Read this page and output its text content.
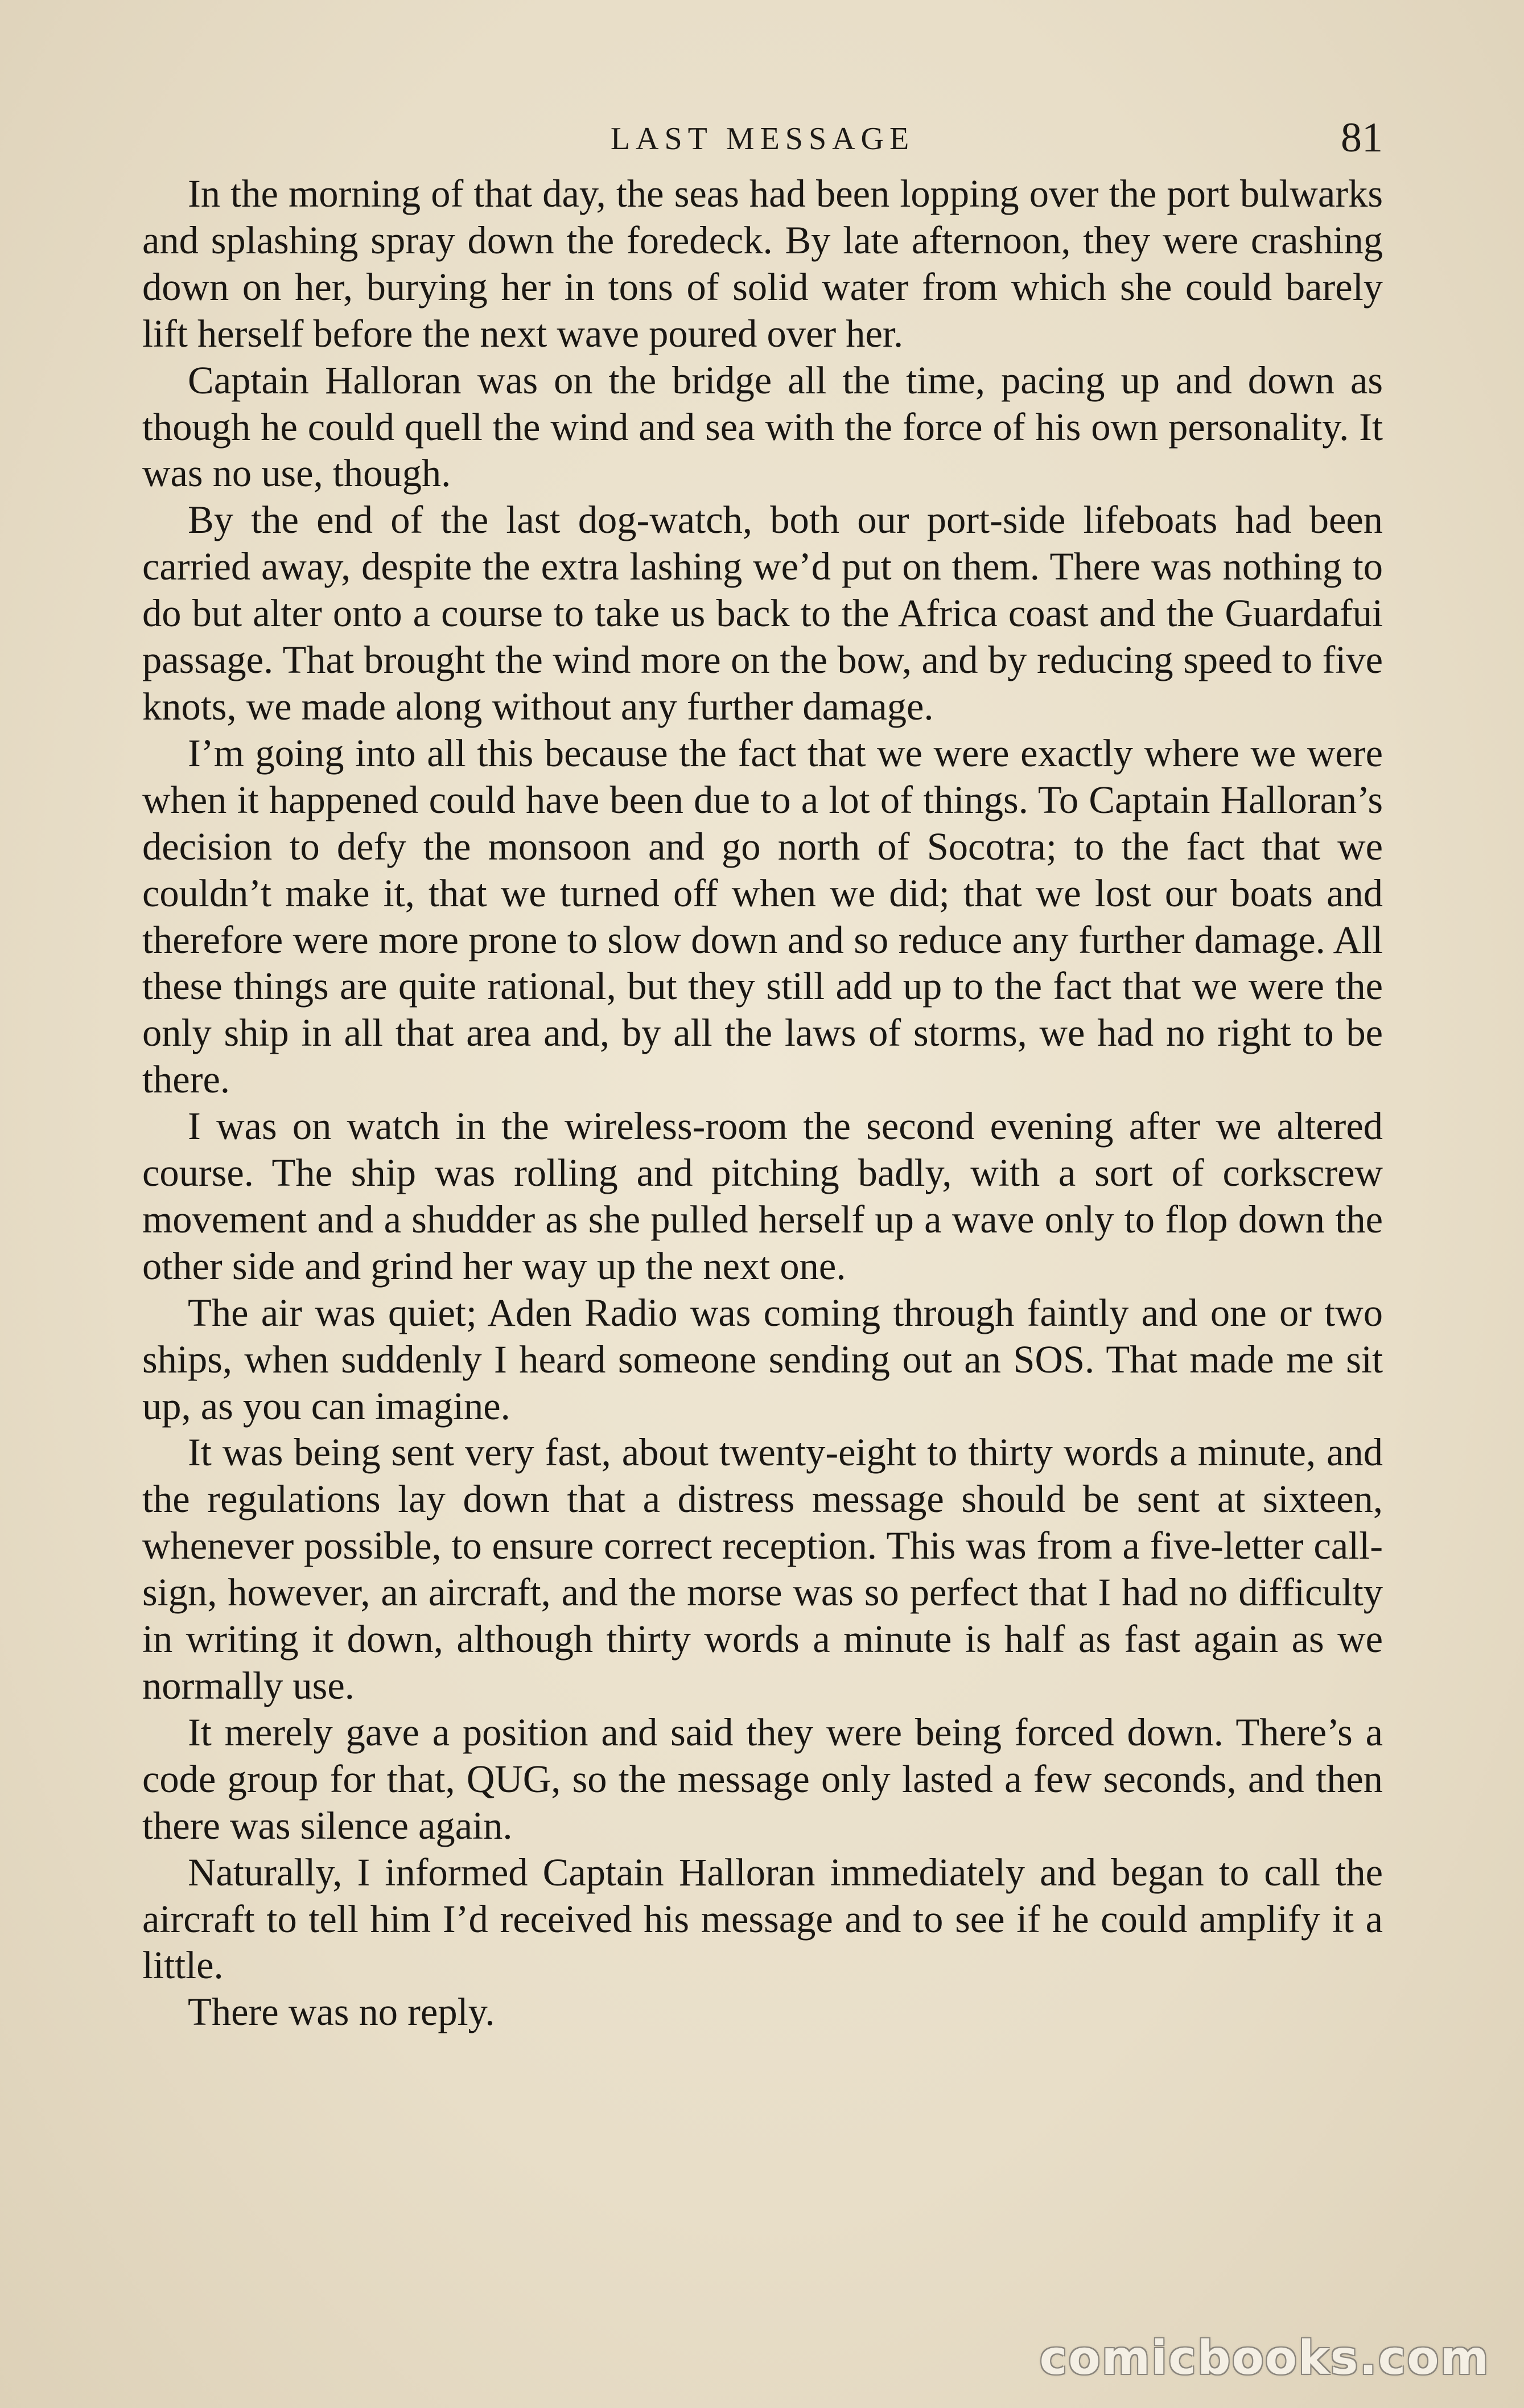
LAST MESSAGE	81

In the morning of that day, the seas had been lopping over the port bulwarks and splashing spray down the foredeck. By late afternoon, they were crashing down on her, burying her in tons of solid water from which she could barely lift herself before the next wave poured over her.

Captain Halloran was on the bridge all the time, pacing up and down as though he could quell the wind and sea with the force of his own personality. It was no use, though.

By the end of the last dog-watch, both our port-side lifeboats had been carried away, despite the extra lashing we’d put on them. There was nothing to do but alter onto a course to take us back to the Africa coast and the Guardafui passage. That brought the wind more on the bow, and by reducing speed to five knots, we made along without any further damage.

I’m going into all this because the fact that we were exactly where we were when it happened could have been due to a lot of things. To Captain Halloran’s decision to defy the monsoon and go north of Socotra; to the fact that we couldn’t make it, that we turned off when we did; that we lost our boats and therefore were more prone to slow down and so reduce any further damage. All these things are quite rational, but they still add up to the fact that we were the only ship in all that area and, by all the laws of storms, we had no right to be there.

I was on watch in the wireless-room the second evening after we altered course. The ship was rolling and pitching badly, with a sort of corkscrew movement and a shudder as she pulled herself up a wave only to flop down the other side and grind her way up the next one.

The air was quiet; Aden Radio was coming through faintly and one or two ships, when suddenly I heard someone sending out an SOS. That made me sit up, as you can imagine.

It was being sent very fast, about twenty-eight to thirty words a minute, and the regulations lay down that a distress message should be sent at sixteen, whenever possible, to ensure correct reception. This was from a five-letter call-sign, however, an aircraft, and the morse was so perfect that I had no difficulty in writing it down, although thirty words a minute is half as fast again as we normally use.

It merely gave a position and said they were being forced down. There’s a code group for that, QUG, so the message only lasted a few seconds, and then there was silence again.

Naturally, I informed Captain Halloran immediately and began to call the aircraft to tell him I’d received his message and to see if he could amplify it a little.

There was no reply.

comicbooks.com
